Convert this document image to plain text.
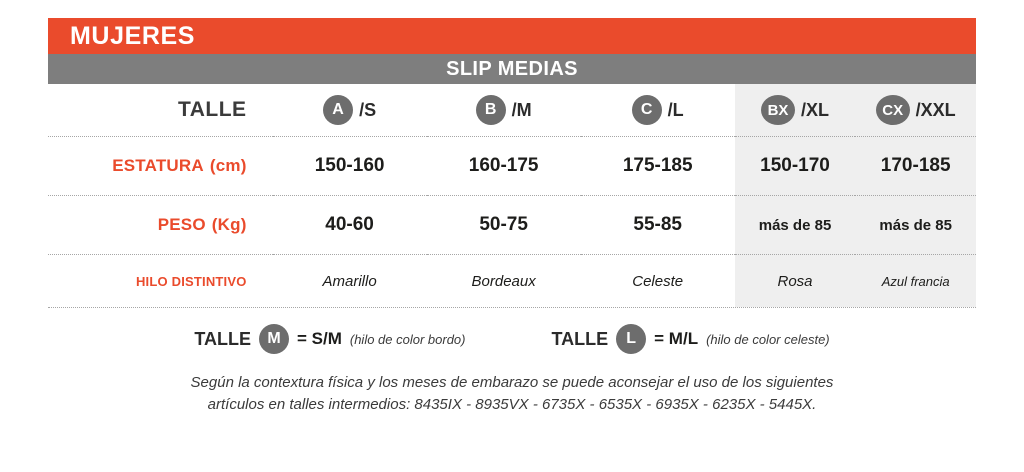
MUJERES
SLIP MEDIAS
TALLE	A /S	B /M	C /L	BX /XL	CX /XXL

ESTATURA (cm)	150-160	160-175	175-185	150-170	170-185
PESO (Kg)	40-60	50-75	55-85	más de 85	más de 85
HILO DISTINTIVO	Amarillo	Bordeaux	Celeste	Rosa	Azul francia
TALLE	M = S/M (hilo de color bordo)	TALLE	L	= M/L (hilo de color celeste)
Según la contextura física y los meses de embarazo se puede aconsejar el uso de los siguientes
artículos en talles intermedios: 8435IX - 8935VX - 6735X - 6535X - 6935X - 6235X - 5445X.
